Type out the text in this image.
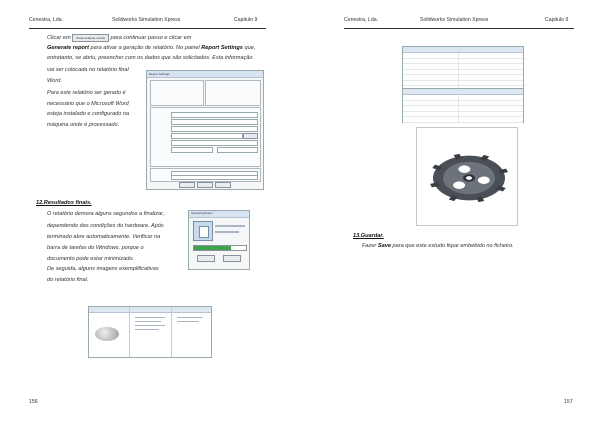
Cenestra, Lda.	Solidworks Simulation Xpress	Capitulo 9
Clicar em Show analysis results para continuar passo e clicar em
Generate report para ativar a geração de relatório. No painel Report Settings que,
entretanto, se abriu, preencher com os dados que são solicitados. Esta informação
vai ser colocada no relatório final
Word.
Para este relatório ser gerado é
necessário que o Microsoft Word
esteja instalado e configurado na
máquina onde é processado.
Report Settings
12.Resultados finais.
O relatório demora alguns segundos a finalizar,
dependendo das condições do hardware. Após
terminado abre automaticamente. Verificar na
barra de tarefas do Windows, porque o
documento pode estar minimizado.
De seguida, alguns imagens exemplificativas
do relatório final.
Generating Report
156
Cenestra, Lda.	Solidworks Simulation Xpress	Capitulo 9
13.Guardar.
Fazer Save para que este estudo fique embebido no ficheiro.
157
